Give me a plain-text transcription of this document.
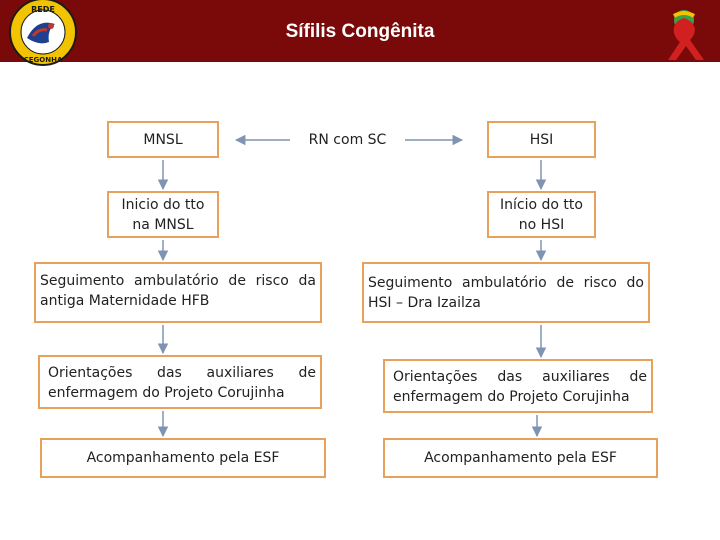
Sífilis Congênita
REDE
CEGONHA
MNSL	RN com SC	HSI
Inicio do tto na MNSL
Início do tto no HSI
Seguimento ambulatório de risco da antiga Maternidade HFB
Seguimento ambulatório de risco do HSI – Dra Izailza
Orientações das auxiliares de enfermagem do Projeto Corujinha
Orientações das auxiliares de enfermagem do Projeto Corujinha
Acompanhamento pela ESF	Acompanhamento pela ESF
